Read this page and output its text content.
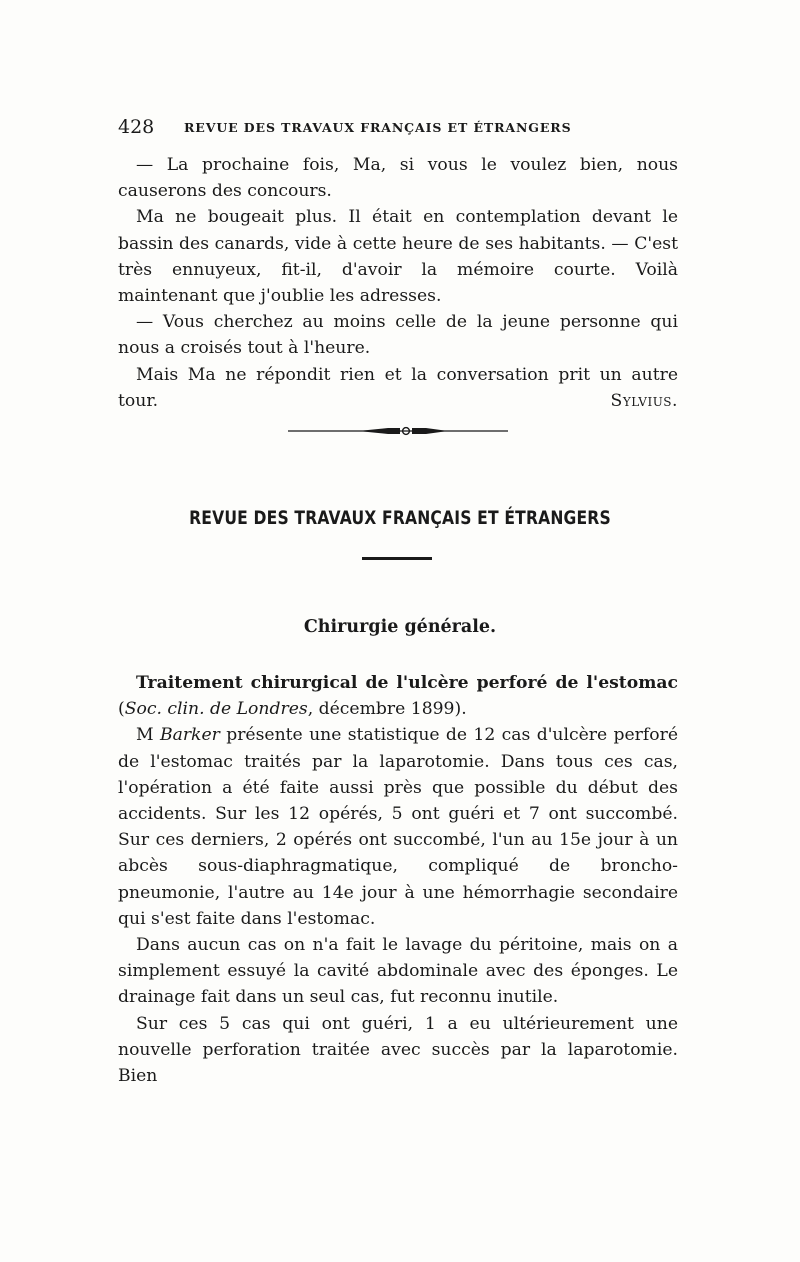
428 REVUE DES TRAVAUX FRANÇAIS ET ÉTRANGERS

— La prochaine fois, Ma, si vous le voulez bien, nous causerons des concours.

Ma ne bougeait plus. Il était en contemplation devant le bassin des canards, vide à cette heure de ses habitants. — C'est très ennuyeux, fit-il, d'avoir la mémoire courte. Voilà maintenant que j'oublie les adresses.

— Vous cherchez au moins celle de la jeune personne qui nous a croisés tout à l'heure.

Mais Ma ne répondit rien et la conversation prit un autre tour.	Sylvius.

REVUE DES TRAVAUX FRANÇAIS ET ÉTRANGERS
Chirurgie générale.

Traitement chirurgical de l'ulcère perforé de l'estomac (Soc. clin. de Londres, décembre 1899).

M Barker présente une statistique de 12 cas d'ulcère perforé de l'estomac traités par la laparotomie. Dans tous ces cas, l'opération a été faite aussi près que possible du début des accidents. Sur les 12 opérés, 5 ont guéri et 7 ont succombé. Sur ces derniers, 2 opérés ont succombé, l'un au 15e jour à un abcès sous-diaphragmatique, compliqué de broncho-pneumonie, l'autre au 14e jour à une hémorrhagie secondaire qui s'est faite dans l'estomac.

Dans aucun cas on n'a fait le lavage du péritoine, mais on a simplement essuyé la cavité abdominale avec des éponges. Le drainage fait dans un seul cas, fut reconnu inutile.

Sur ces 5 cas qui ont guéri, 1 a eu ultérieurement une nouvelle perforation traitée avec succès par la laparotomie. Bien
